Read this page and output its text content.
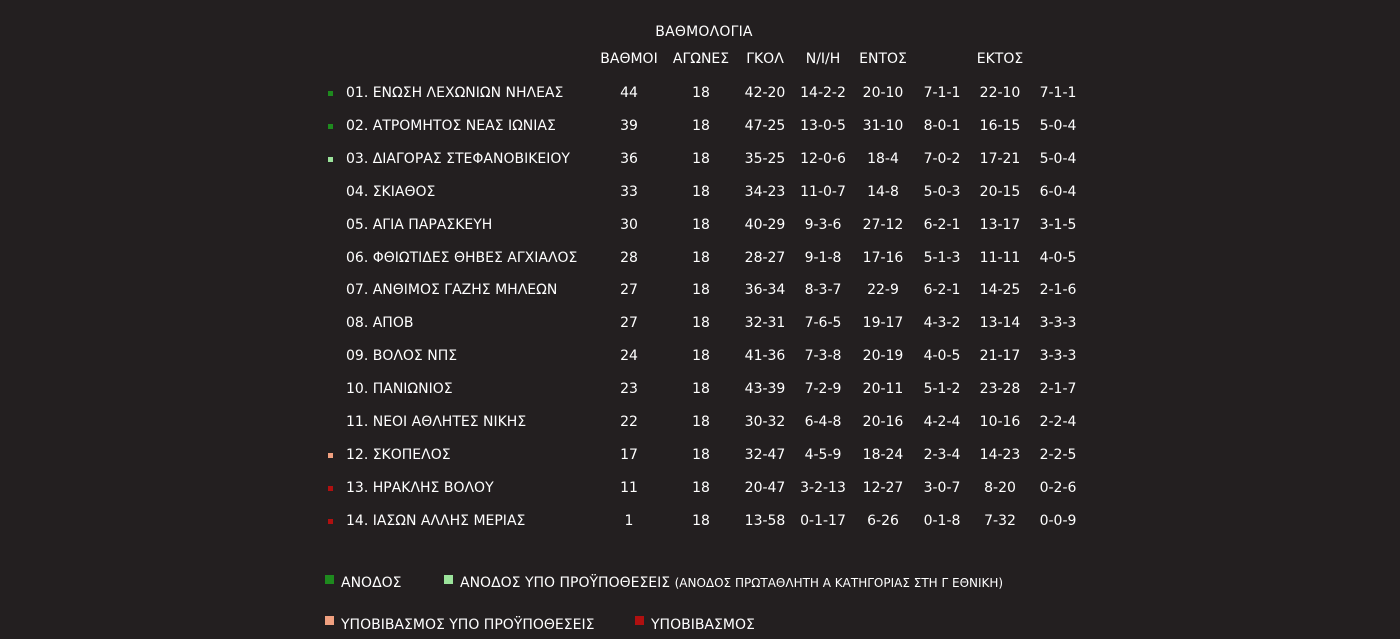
ΒΑΘΜΟΛΟΓΙΑ
ΒΑΘΜΟΙ	ΑΓΩΝΕΣ	ΓΚΟΛ	Ν/Ι/Η	ΕΝΤΟΣ	ΕΚΤΟΣ
01. ΕΝΩΣΗ ΛΕΧΩΝΙΩΝ ΝΗΛΕΑΣ	44	18	42-20	14-2-2	20-10	7-1-1	22-10	7-1-1
02. ΑΤΡΟΜΗΤΟΣ ΝΕΑΣ ΙΩΝΙΑΣ	39	18	47-25	13-0-5	31-10	8-0-1	16-15	5-0-4
03. ΔΙΑΓΟΡΑΣ ΣΤΕΦΑΝΟΒΙΚΕΙΟΥ	36	18	35-25	12-0-6	18-4	7-0-2	17-21	5-0-4
04. ΣΚΙΑΘΟΣ	33	18	34-23	11-0-7	14-8	5-0-3	20-15	6-0-4
05. ΑΓΙΑ ΠΑΡΑΣΚΕΥΗ	30	18	40-29	9-3-6	27-12	6-2-1	13-17	3-1-5
06. ΦΘΙΩΤΙΔΕΣ ΘΗΒΕΣ ΑΓΧΙΑΛΟΣ	28	18	28-27	9-1-8	17-16	5-1-3	11-11	4-0-5
07. ΑΝΘΙΜΟΣ ΓΑΖΗΣ ΜΗΛΕΩΝ	27	18	36-34	8-3-7	22-9	6-2-1	14-25	2-1-6
08. ΑΠΟΒ	27	18	32-31	7-6-5	19-17	4-3-2	13-14	3-3-3
09. ΒΟΛΟΣ ΝΠΣ	24	18	41-36	7-3-8	20-19	4-0-5	21-17	3-3-3
10. ΠΑΝΙΩΝΙΟΣ	23	18	43-39	7-2-9	20-11	5-1-2	23-28	2-1-7
11. ΝΕΟΙ ΑΘΛΗΤΕΣ ΝΙΚΗΣ	22	18	30-32	6-4-8	20-16	4-2-4	10-16	2-2-4
12. ΣΚΟΠΕΛΟΣ	17	18	32-47	4-5-9	18-24	2-3-4	14-23	2-2-5
13. ΗΡΑΚΛΗΣ ΒΟΛΟΥ	11	18	20-47	3-2-13	12-27	3-0-7	8-20	0-2-6
14. ΙΑΣΩΝ ΑΛΛΗΣ ΜΕΡΙΑΣ	1	18	13-58	0-1-17	6-26	0-1-8	7-32	0-0-9
ΑΝΟΔΟΣ	ΑΝΟΔΟΣ ΥΠΟ ΠΡΟΫΠΟΘΕΣΕΙΣ (ΑΝΟΔΟΣ ΠΡΩΤΑΘΛΗΤΗ Α ΚΑΤΗΓΟΡΙΑΣ ΣΤΗ Γ ΕΘΝΙΚΗ)
ΥΠΟΒΙΒΑΣΜΟΣ ΥΠΟ ΠΡΟΫΠΟΘΕΣΕΙΣ	ΥΠΟΒΙΒΑΣΜΟΣ
